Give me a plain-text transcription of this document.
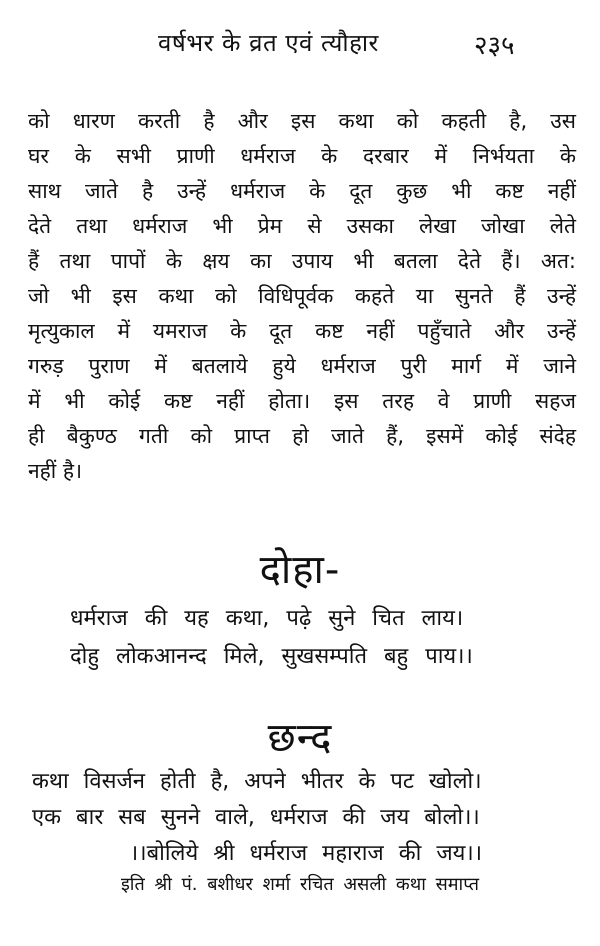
वर्षभर के व्रत एवं त्यौहार	२३५
को धारण करती है और इस कथा को कहती है, उस
घर के सभी प्राणी धर्मराज के दरबार में निर्भयता के
साथ जाते है उन्हें धर्मराज के दूत कुछ भी कष्ट नहीं
देते तथा धर्मराज भी प्रेम से उसका लेखा जोखा लेते
हैं तथा पापों के क्षय का उपाय भी बतला देते हैं। अत:
जो भी इस कथा को विधिपूर्वक कहते या सुनते हैं उन्हें
मृत्युकाल में यमराज के दूत कष्ट नहीं पहुँचाते और उन्हें
गरुड़ पुराण में बतलाये हुये धर्मराज पुरी मार्ग में जाने
में भी कोई कष्ट नहीं होता। इस तरह वे प्राणी सहज
ही बैकुण्ठ गती को प्राप्त हो जाते हैं, इसमें कोई संदेह
नहीं है।
दोहा-
धर्मराज की यह कथा, पढ़े सुने चित लाय।
दोहु लोकआनन्द मिले, सुखसम्पति बहु पाय।।
छन्द
कथा विसर्जन होती है, अपने भीतर के पट खोलो।
एक बार सब सुनने वाले, धर्मराज की जय बोलो।।
।।बोलिये श्री धर्मराज महाराज की जय।।
इति श्री पं. बशीधर शर्मा रचित असली कथा समाप्त
